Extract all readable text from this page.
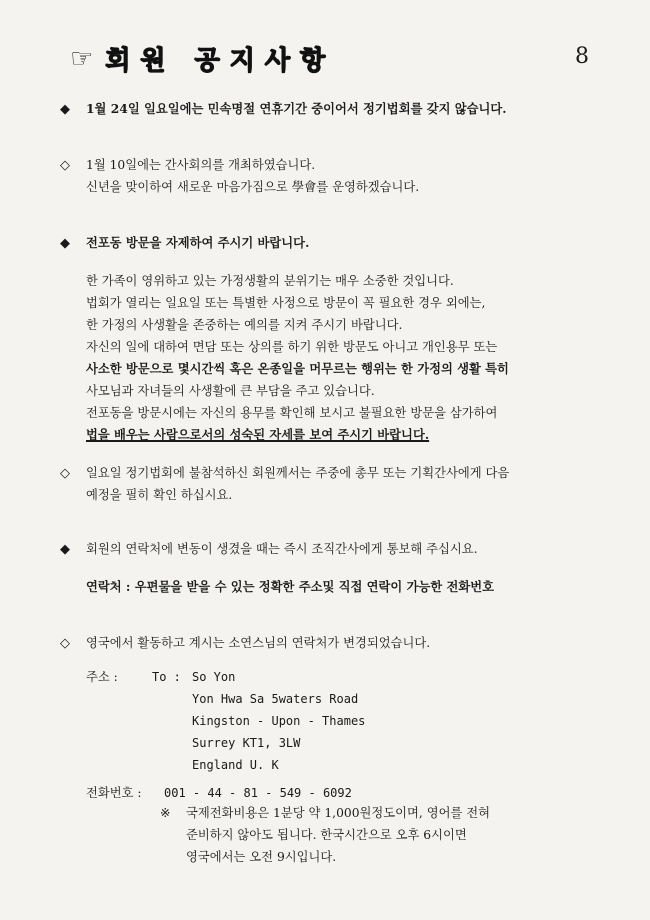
☞ 회원 공지사항	8
◆ 1월 24일 일요일에는 민속명절 연휴기간 중이어서 정기법회를 갖지 않습니다.
◇ 1월 10일에는 간사회의를 개최하였습니다.
신년을 맞이하여 새로운 마음가짐으로 學會를 운영하겠습니다.
◆ 전포동 방문을 자제하여 주시기 바랍니다.
한 가족이 영위하고 있는 가정생활의 분위기는 매우 소중한 것입니다.
법회가 열리는 일요일 또는 특별한 사정으로 방문이 꼭 필요한 경우 외에는,
한 가정의 사생활을 존중하는 예의를 지켜 주시기 바랍니다.
자신의 일에 대하여 면담 또는 상의를 하기 위한 방문도 아니고 개인용무 또는
사소한 방문으로 몇시간씩 혹은 온종일을 머무르는 행위는 한 가정의 생활 특히
사모님과 자녀들의 사생활에 큰 부담을 주고 있습니다.
전포동을 방문시에는 자신의 용무를 확인해 보시고 불필요한 방문을 삼가하여
법을 배우는 사람으로서의 성숙된 자세를 보여 주시기 바랍니다.
◇ 일요일 정기법회에 불참석하신 회원께서는 주중에 총무 또는 기획간사에게 다음
예정을 필히 확인 하십시요.
◆ 회원의 연락처에 변동이 생겼을 때는 즉시 조직간사에게 통보해 주십시요.
연락처 : 우편물을 받을 수 있는 정확한 주소및 직접 연락이 가능한 전화번호
◇ 영국에서 활동하고 계시는 소연스님의 연락처가 변경되었습니다.
주소 :	To : So Yon
Yon Hwa Sa 5waters Road
Kingston - Upon - Thames
Surrey KT1, 3LW
England U. K
전화번호 : 001 - 44 - 81 - 549 - 6092
※ 국제전화비용은 1분당 약 1,000원정도이며, 영어를 전혀
준비하지 않아도 됩니다. 한국시간으로 오후 6시이면
영국에서는 오전 9시입니다.
